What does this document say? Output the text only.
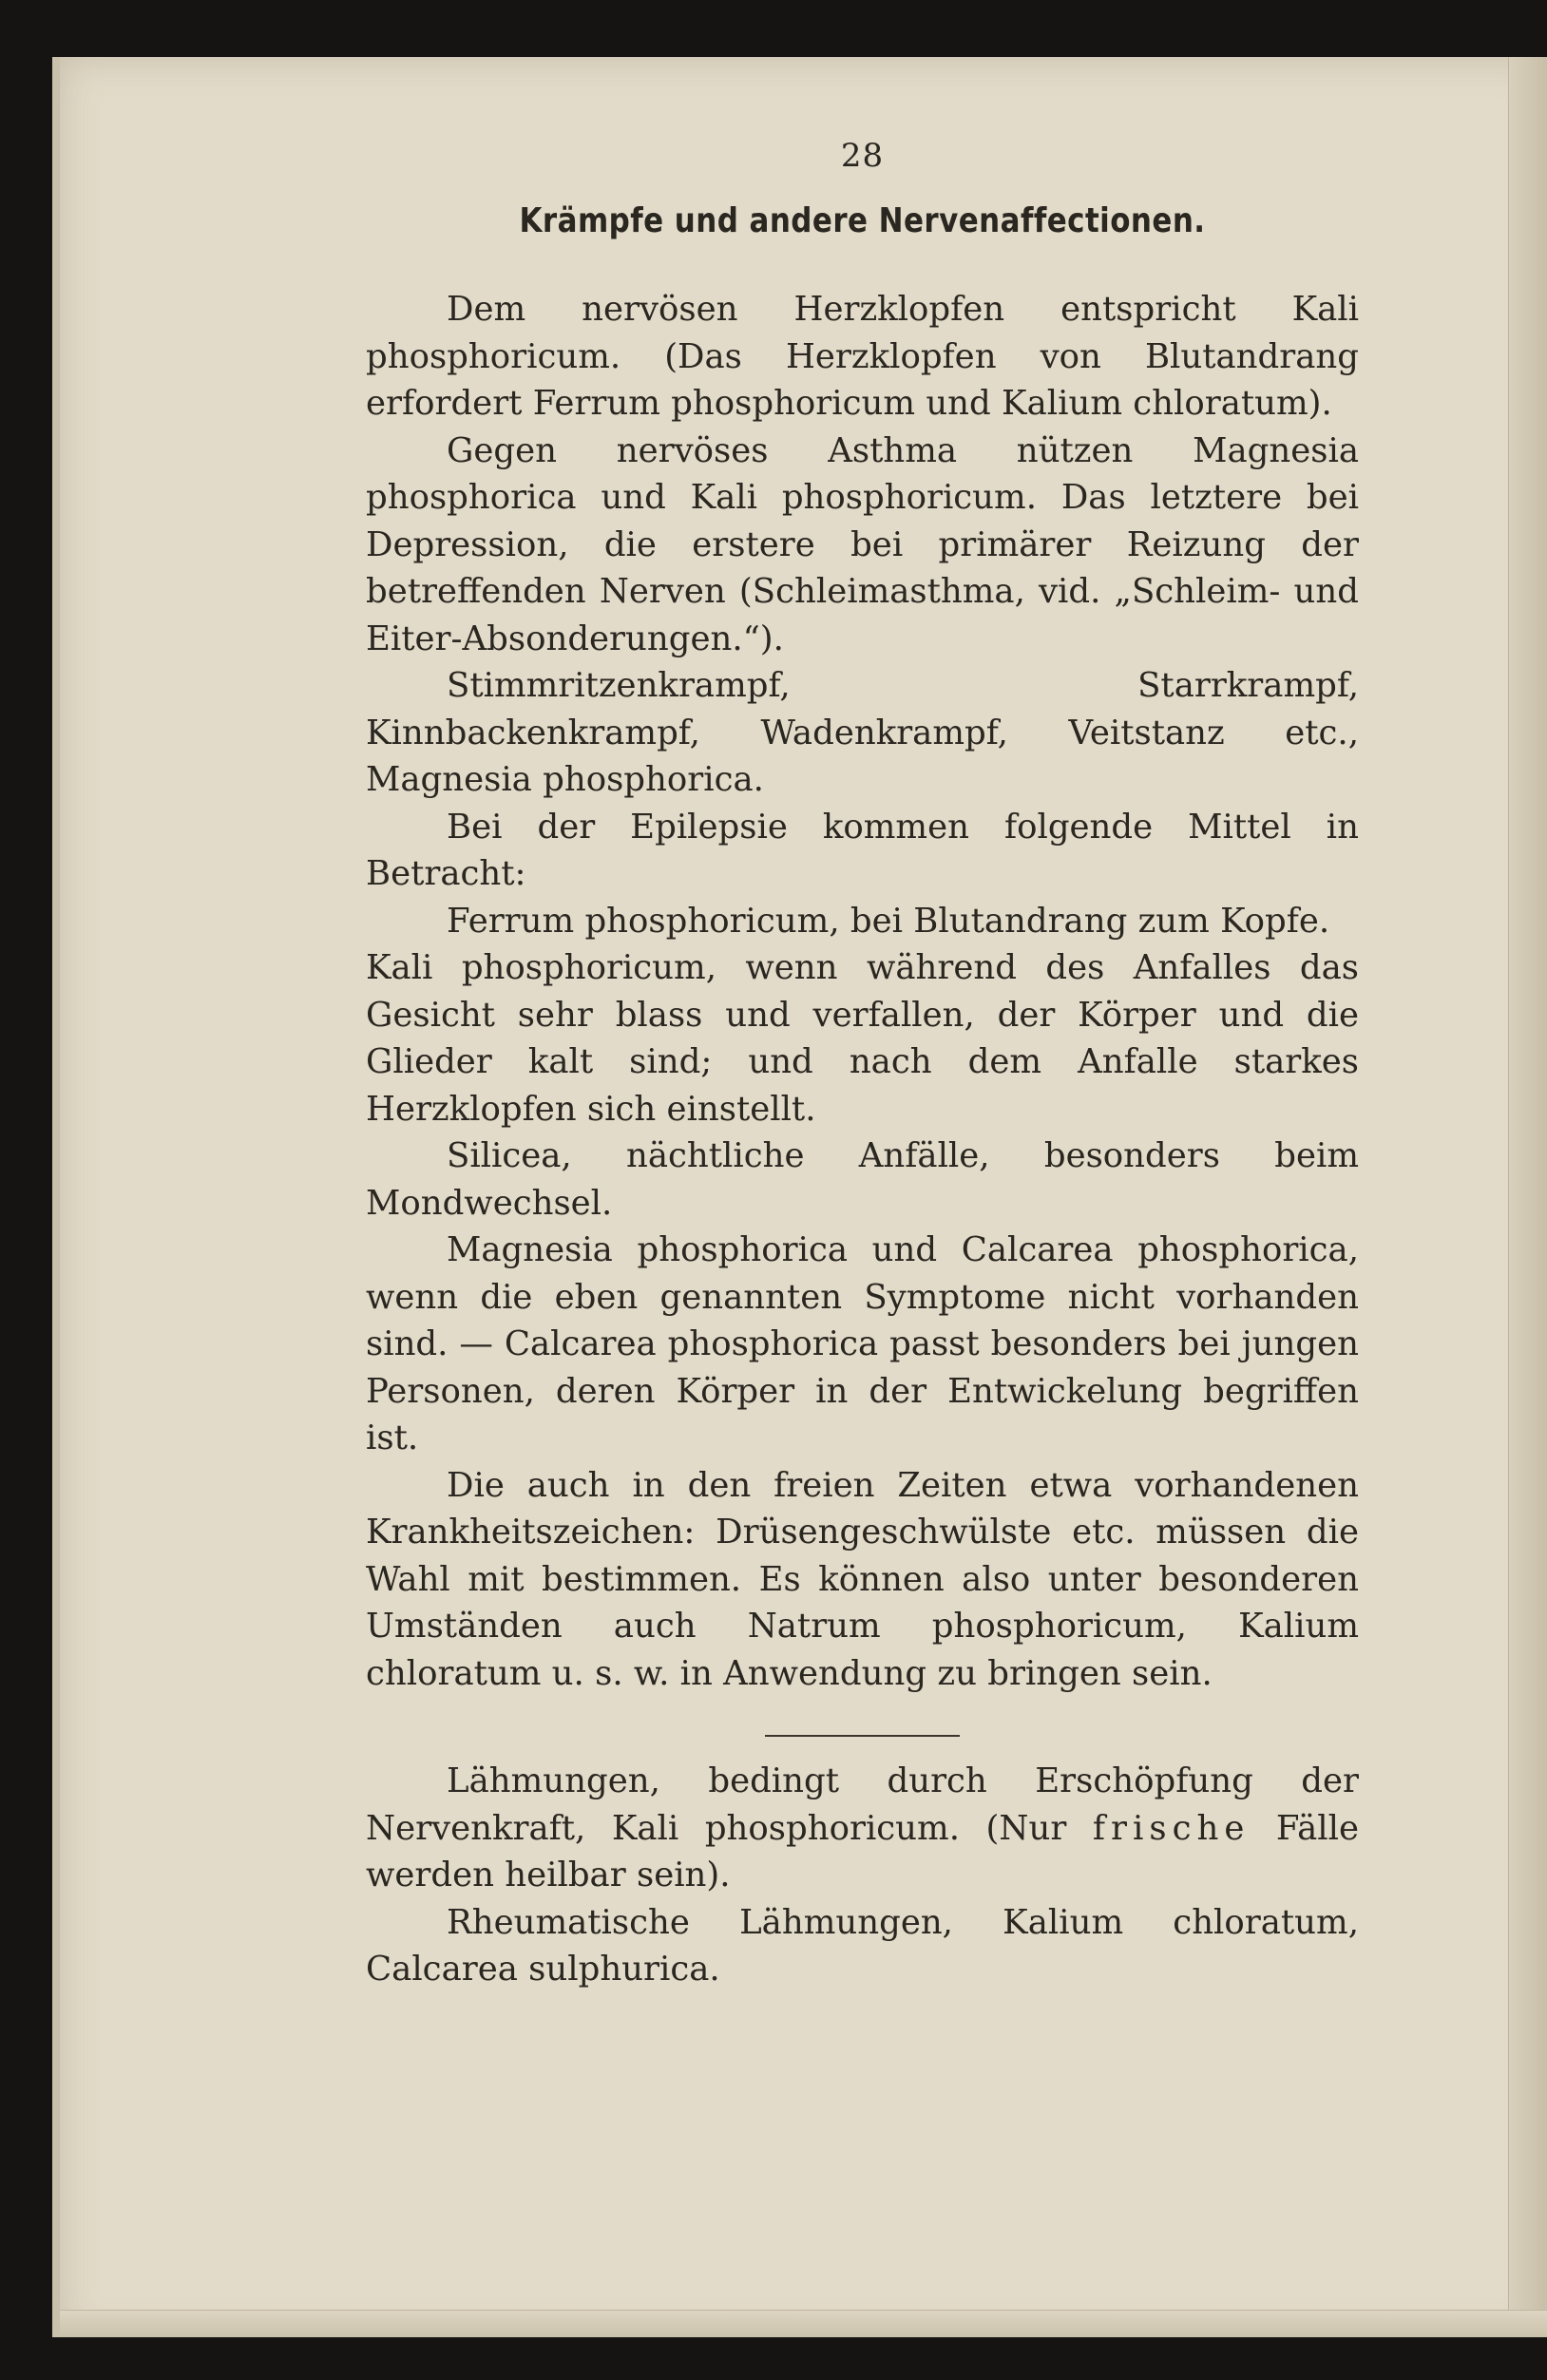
28
Krämpfe und andere Nervenaffectionen.

Dem nervösen Herzklopfen entspricht Kali phosphoricum. (Das Herzklopfen von Blutandrang erfordert Ferrum phosphoricum und Kalium chloratum).

Gegen nervöses Asthma nützen Magnesia phosphorica und Kali phosphoricum. Das letztere bei Depression, die erstere bei primärer Reizung der betreffenden Nerven (Schleimasthma, vid. „Schleim- und Eiter-Absonderungen.“).

Stimmritzenkrampf, Starrkrampf, Kinnbackenkrampf, Wadenkrampf, Veitstanz etc., Magnesia phosphorica.

Bei der Epilepsie kommen folgende Mittel in Betracht:

Ferrum phosphoricum, bei Blutandrang zum Kopfe.

Kali phosphoricum, wenn während des Anfalles das Gesicht sehr blass und verfallen, der Körper und die Glieder kalt sind; und nach dem Anfalle starkes Herzklopfen sich einstellt.

Silicea, nächtliche Anfälle, besonders beim Mondwechsel.

Magnesia phosphorica und Calcarea phosphorica, wenn die eben genannten Symptome nicht vorhanden sind. — Calcarea phosphorica passt besonders bei jungen Personen, deren Körper in der Entwickelung begriffen ist.

Die auch in den freien Zeiten etwa vorhandenen Krankheitszeichen: Drüsengeschwülste etc. müssen die Wahl mit bestimmen. Es können also unter besonderen Umständen auch Natrum phosphoricum, Kalium chloratum u. s. w. in Anwendung zu bringen sein.

Lähmungen, bedingt durch Erschöpfung der Nervenkraft, Kali phosphoricum. (Nur frische Fälle werden heilbar sein).

Rheumatische Lähmungen, Kalium chloratum, Calcarea sulphurica.
